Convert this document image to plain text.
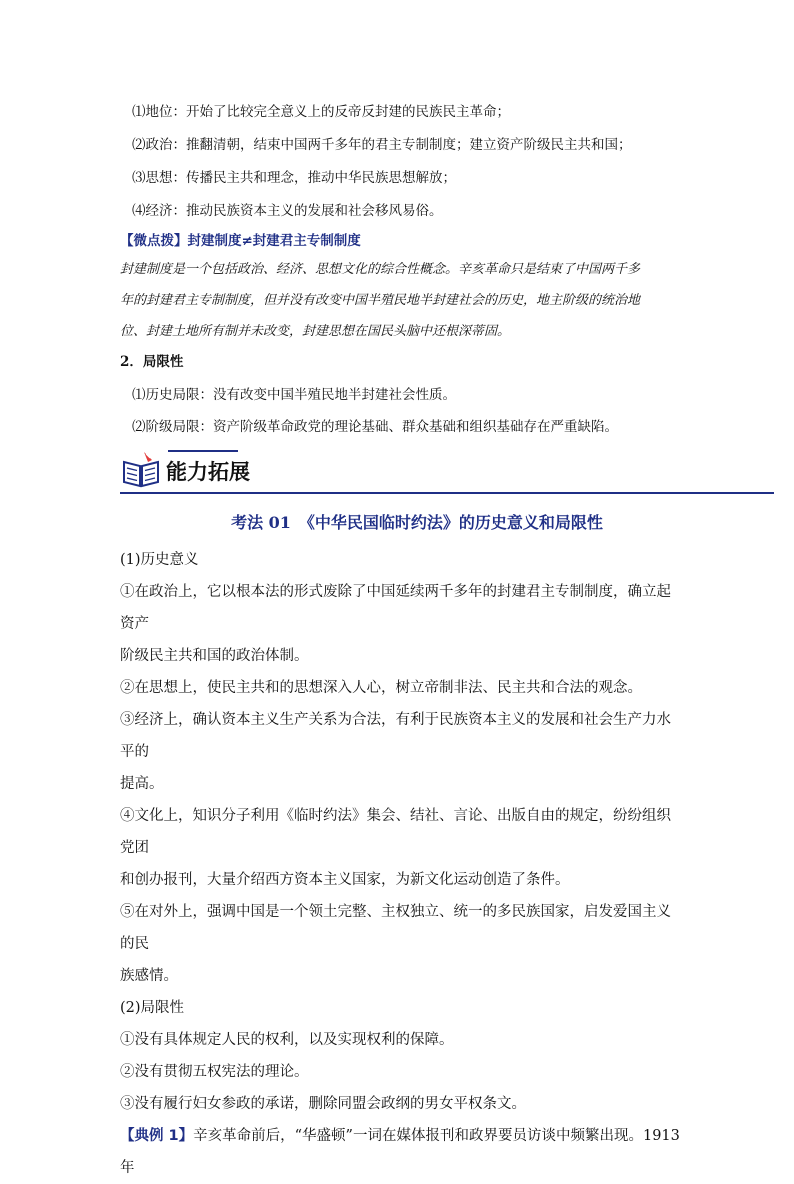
⑴地位：开始了比较完全意义上的反帝反封建的民族民主革命；
⑵政治：推翻清朝，结束中国两千多年的君主专制制度；建立资产阶级民主共和国；
⑶思想：传播民主共和理念，推动中华民族思想解放；
⑷经济：推动民族资本主义的发展和社会移风易俗。
【微点拨】封建制度≠封建君主专制制度
封建制度是一个包括政治、经济、思想文化的综合性概念。辛亥革命只是结束了中国两千多
年的封建君主专制制度，但并没有改变中国半殖民地半封建社会的历史，地主阶级的统治地
位、封建土地所有制并未改变，封建思想在国民头脑中还根深蒂固。
2．局限性
⑴历史局限：没有改变中国半殖民地半封建社会性质。
⑵阶级局限：资产阶级革命政党的理论基础、群众基础和组织基础存在严重缺陷。
能力拓展
考法 01　《中华民国临时约法》的历史意义和局限性

(1)历史意义

①在政治上，它以根本法的形式废除了中国延续两千多年的封建君主专制制度，确立起资产

阶级民主共和国的政治体制。

②在思想上，使民主共和的思想深入人心，树立帝制非法、民主共和合法的观念。

③经济上，确认资本主义生产关系为合法，有利于民族资本主义的发展和社会生产力水平的

提高。

④文化上，知识分子利用《临时约法》集会、结社、言论、出版自由的规定，纷纷组织党团

和创办报刊，大量介绍西方资本主义国家，为新文化运动创造了条件。

⑤在对外上，强调中国是一个领土完整、主权独立、统一的多民族国家，启发爱国主义的民

族感情。

(2)局限性

①没有具体规定人民的权利，以及实现权利的保障。

②没有贯彻五权宪法的理论。

③没有履行妇女参政的承诺，删除同盟会政纲的男女平权条文。

【典例 1】辛亥革命前后，“华盛顿”一词在媒体报刊和政界要员访谈中频繁出现。1913 年
